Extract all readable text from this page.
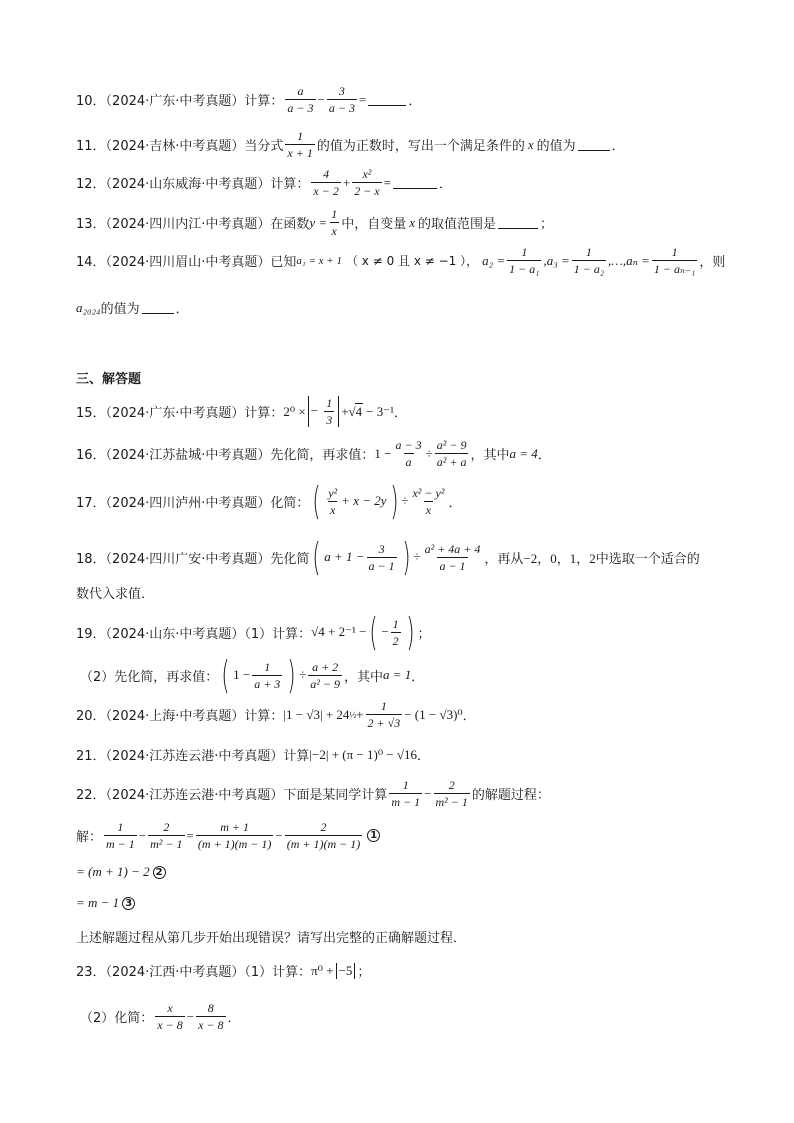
10．（2024·广东·中考真题）计算：
a
a − 3
− $\frac{3}{a - 3}$ =	．
11．（2024·吉林·中考真题）当分式
1
x + 1 的值为正数时，写出一个满足条件的 x 的值为	．
12．（2024·山东威海·中考真题）计算：
4
x − 2
+ $\frac{\text{x²}}{2 - x}$ =	．
13．（2024·四川内江·中考真题）在函数 $y = \frac{1}{x}$ 中，自变量 x 的取值范围是	；
14．（2024·四川眉山·中考真题）已知 a₁ = x + 1 （ x ≠ 0 且 x ≠ −1 ）， $a_2 = \frac{1}{\text{1 − a₁}} ,a_3 = \frac{1}{\text{1 − a₂}}$ ,…,aₙ = $\frac{1}{\text{1 − aₙ₋₁}}$ ，则
a₂₀₂₄ 的值为	．
三、解答题
15．（2024·广东·中考真题）计算： 2⁰ × − $\frac{1}{3}$ + √ 4 − 3⁻¹ ．
16．（2024·江苏盐城·中考真题）先化简，再求值： $1 - \frac{a - 3}{a} \div \frac{\text{a² − 9}}{\text{a² + a}}$ ，其中 a = 4 ．
17．（2024·四川泸州·中考真题）化简： ( y²
x
+ x − 2y ) ÷ $\frac{\text{x² − y²}}{x}$ ．
18．（2024·四川广安·中考真题）先化简 ( $a + 1 - \frac{3}{a - 1}$ ) ÷ $\frac{\text{a² + 4a + 4}}{a - 1}$ ，再从 −2，0，1，2 中选取一个适合的
数代入求值．
19．（2024·山东·中考真题）（1）计算： √4 + 2⁻¹ − ( − $\frac{1}{2}$ ) ；
（2）先化简，再求值： ( $1 - \frac{1}{a + 3}$ ) ÷ $\frac{a + 2}{\text{a² − 9}}$ ，其中 a = 1 ．
20．（2024·上海·中考真题）计算： |1 − √3| + 24 ½ + $\frac{1}{2 + √3} - (1 - √3)^0$ ．
21．（2024·江苏连云港·中考真题）计算 |−2| + (π − 1)⁰ − √16 ．
22．（2024·江苏连云港·中考真题）下面是某同学计算
1
m − 1
− $\frac{2}{\text{m² − 1}}$ 的解题过程：
解：
1
m − 1
− $\frac{2}{\text{m² − 1}} = \frac{m + 1}{(m + 1)(m - 1)} - \frac{2}{(m + 1)(m - 1)} 1$
= (m + 1) − 2 2
= m − 1 3
上述解题过程从第几步开始出现错误？请写出完整的正确解题过程．
23．（2024·江西·中考真题）（1）计算： π⁰ + −5 ；
（2）化简：
x
x − 8
− $\frac{8}{x - 8}$ ．
